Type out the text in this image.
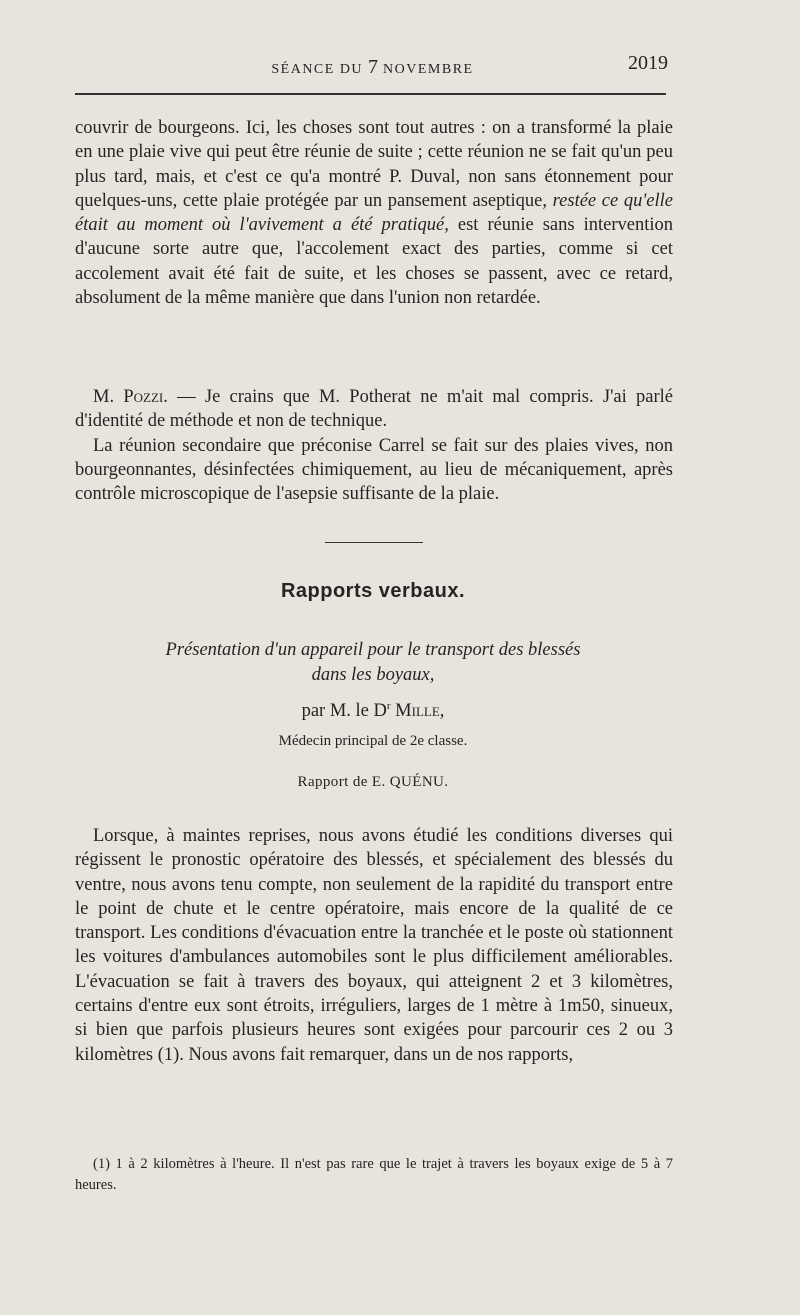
SÉANCE DU 7 NOVEMBRE	2019

couvrir de bourgeons. Ici, les choses sont tout autres : on a transformé la plaie en une plaie vive qui peut être réunie de suite ; cette réunion ne se fait qu'un peu plus tard, mais, et c'est ce qu'a montré P. Duval, non sans étonnement pour quelques-uns, cette plaie protégée par un pansement aseptique, restée ce qu'elle était au moment où l'avivement a été pratiqué, est réunie sans intervention d'aucune sorte autre que, l'accolement exact des parties, comme si cet accolement avait été fait de suite, et les choses se passent, avec ce retard, absolument de la même manière que dans l'union non retardée.

M. Pozzi. — Je crains que M. Potherat ne m'ait mal compris. J'ai parlé d'identité de méthode et non de technique.

La réunion secondaire que préconise Carrel se fait sur des plaies vives, non bourgeonnantes, désinfectées chimiquement, au lieu de mécaniquement, après contrôle microscopique de l'asepsie suffisante de la plaie.

Rapports verbaux.
Présentation d'un appareil pour le transport des blessés
dans les boyaux,
par M. le $D^r$ Mille,
Médecin principal de 2e classe.
Rapport de E. QUÉNU.

Lorsque, à maintes reprises, nous avons étudié les conditions diverses qui régissent le pronostic opératoire des blessés, et spécialement des blessés du ventre, nous avons tenu compte, non seulement de la rapidité du transport entre le point de chute et le centre opératoire, mais encore de la qualité de ce transport. Les conditions d'évacuation entre la tranchée et le poste où stationnent les voitures d'ambulances automobiles sont le plus difficilement améliorables. L'évacuation se fait à travers des boyaux, qui atteignent 2 et 3 kilomètres, certains d'entre eux sont étroits, irréguliers, larges de 1 mètre à 1m50, sinueux, si bien que parfois plusieurs heures sont exigées pour parcourir ces 2 ou 3 kilomètres (1). Nous avons fait remarquer, dans un de nos rapports,

(1) 1 à 2 kilomètres à l'heure. Il n'est pas rare que le trajet à travers les boyaux exige de 5 à 7 heures.
